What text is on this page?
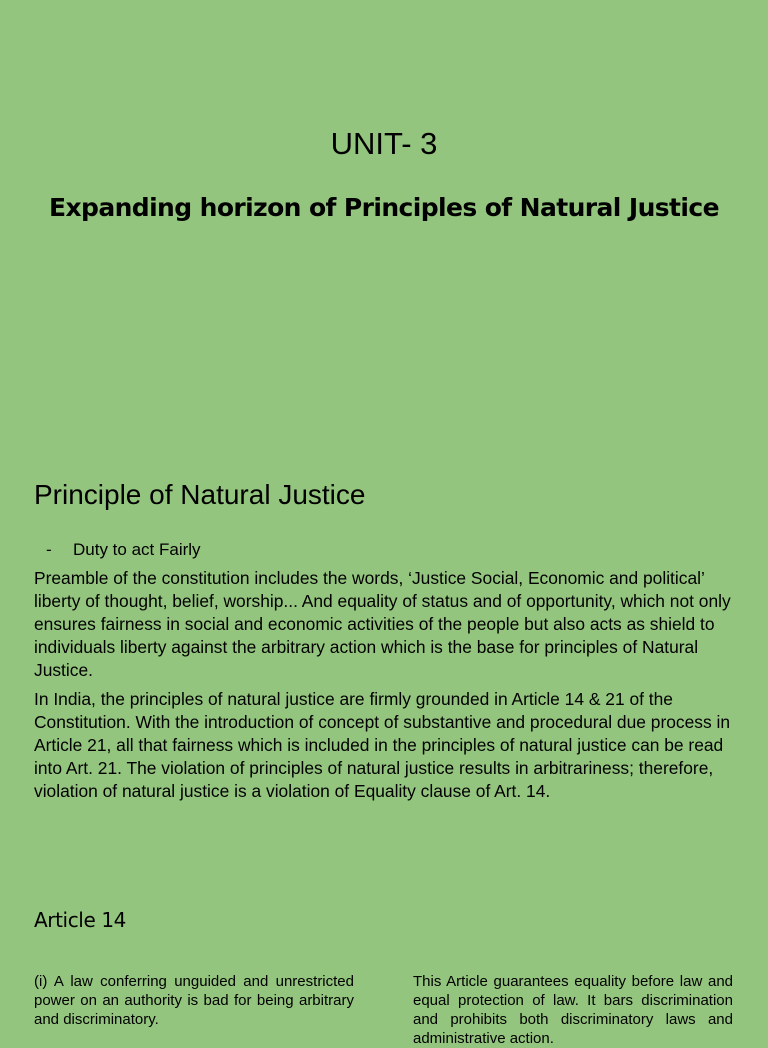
UNIT- 3
Expanding horizon of Principles of Natural Justice
Principle of Natural Justice
- Duty to act Fairly

Preamble of the constitution includes the words, ‘Justice Social, Economic and political’ liberty of thought, belief, worship... And equality of status and of opportunity, which not only ensures fairness in social and economic activities of the people but also acts as shield to individuals liberty against the arbitrary action which is the base for principles of Natural Justice.

In India, the principles of natural justice are firmly grounded in Article 14 & 21 of the Constitution. With the introduction of concept of substantive and procedural due process in Article 21, all that fairness which is included in the principles of natural justice can be read into Art. 21. The violation of principles of natural justice results in arbitrariness; therefore, violation of natural justice is a violation of Equality clause of Art. 14.

Article 14

(i) A law conferring unguided and unrestricted power on an authority is bad for being arbitrary and discriminatory.

This Article guarantees equality before law and equal protection of law. It bars discrimination and prohibits both discriminatory laws and administrative action.
